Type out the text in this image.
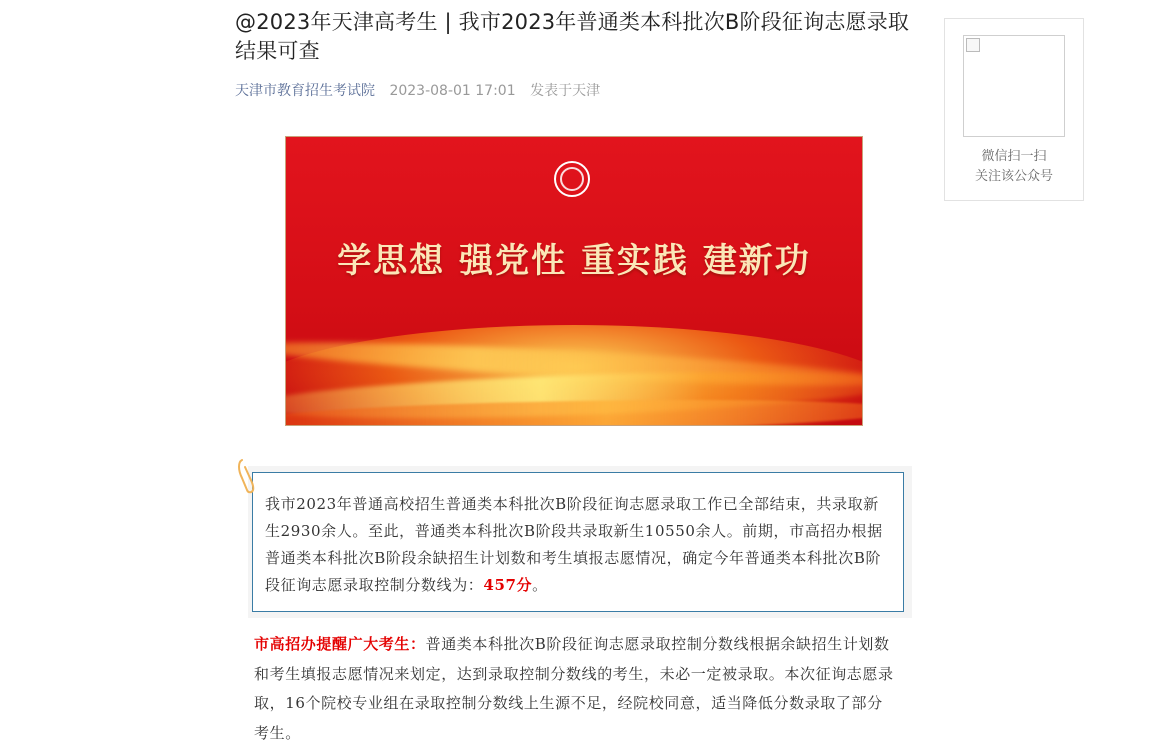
@2023年天津高考生 | 我市2023年普通类本科批次B阶段征询志愿录取结果可查
天津市教育招生考试院 2023-08-01 17:01 发表于天津
学思想 强党性 重实践 建新功
我市2023年普通高校招生普通类本科批次B阶段征询志愿录取工作已全部结束，共录取新生2930余人。至此，普通类本科批次B阶段共录取新生10550余人。前期，市高招办根据普通类本科批次B阶段余缺招生计划数和考生填报志愿情况，确定今年普通类本科批次B阶段征询志愿录取控制分数线为：457分。
市高招办提醒广大考生：普通类本科批次B阶段征询志愿录取控制分数线根据余缺招生计划数和考生填报志愿情况来划定，达到录取控制分数线的考生，未必一定被录取。本次征询志愿录取，16个院校专业组在录取控制分数线上生源不足，经院校同意，适当降低分数录取了部分考生。
微信扫一扫
关注该公众号
